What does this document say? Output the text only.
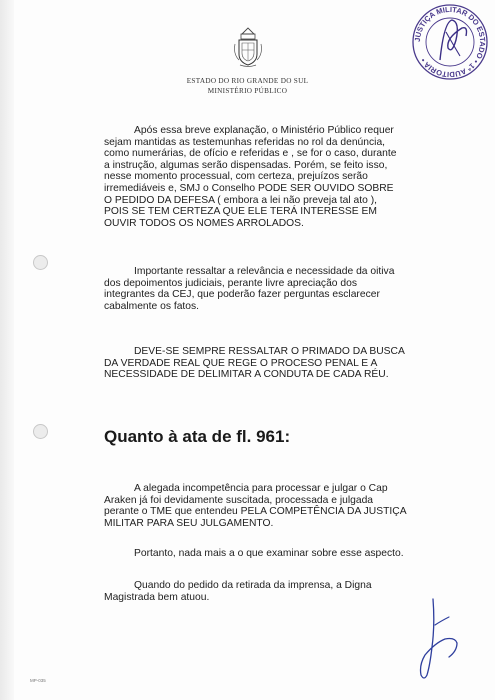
ESTADO DO RIO GRANDE DO SUL
MINISTÉRIO PÚBLICO
JUSTIÇA MILITAR DO ESTADO • 1ª AUDITORIA •
Após essa breve explanação, o Ministério Público requer
sejam mantidas as testemunhas referidas no rol da denúncia,
como numerárias, de ofício e referidas e , se for o caso, durante
a instrução, algumas serão dispensadas. Porém, se feito isso,
nesse momento processual, com certeza, prejuízos serão
irremediáveis e, SMJ o Conselho PODE SER OUVIDO SOBRE
O PEDIDO DA DEFESA ( embora a lei não preveja tal ato ),
POIS SE TEM CERTEZA QUE ELE TERÁ INTERESSE EM
OUVIR TODOS OS NOMES ARROLADOS.
Importante ressaltar a relevância e necessidade da oitiva
dos depoimentos judiciais, perante livre apreciação dos
integrantes da CEJ, que poderão fazer perguntas esclarecer
cabalmente os fatos.
DEVE-SE SEMPRE RESSALTAR O PRIMADO DA BUSCA
DA VERDADE REAL QUE REGE O PROCESO PENAL E A
NECESSIDADE DE DELIMITAR A CONDUTA DE CADA RÉU.
Quanto à ata de fl. 961:
A alegada incompetência para processar e julgar o Cap
Araken já foi devidamente suscitada, processada e julgada
perante o TME que entendeu PELA COMPETÊNCIA DA JUSTIÇA
MILITAR PARA SEU JULGAMENTO.
Portanto, nada mais a o que examinar sobre esse aspecto.
Quando do pedido da retirada da imprensa, a Digna
Magistrada bem atuou.
MP-035
